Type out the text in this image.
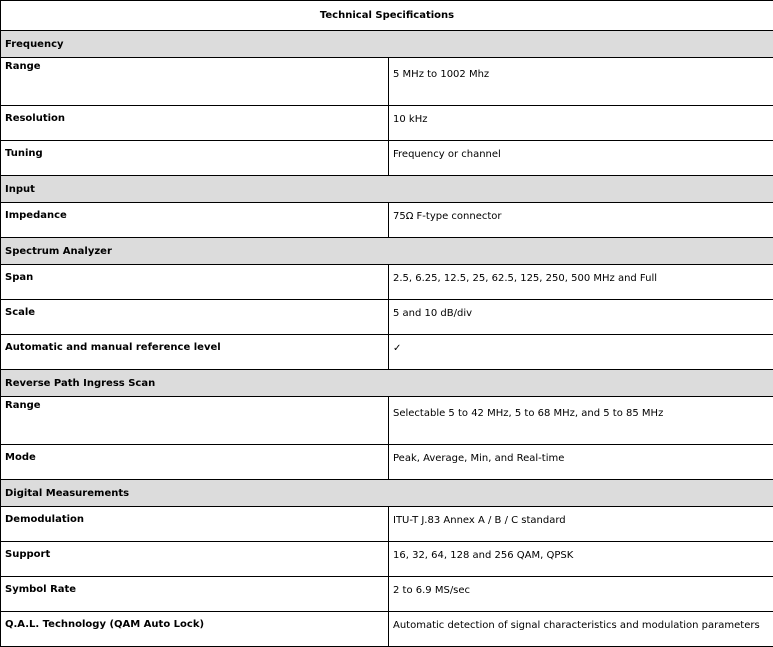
Technical Specifications	
Frequency	
Range	5 MHz to 1002 Mhz
Resolution	10 kHz
Tuning	Frequency or channel
Input	
Impedance	75Ω F-type connector
Spectrum Analyzer	
Span	2.5, 6.25, 12.5, 25, 62.5, 125, 250, 500 MHz and Full
Scale	5 and 10 dB/div
Automatic and manual reference level	✓
Reverse Path Ingress Scan	
Range	Selectable 5 to 42 MHz, 5 to 68 MHz, and 5 to 85 MHz
Mode	Peak, Average, Min, and Real-time
Digital Measurements	
Demodulation	ITU-T J.83 Annex A / B / C standard
Support	16, 32, 64, 128 and 256 QAM, QPSK
Symbol Rate	2 to 6.9 MS/sec
Q.A.L. Technology (QAM Auto Lock)	Automatic detection of signal characteristics and modulation parameters
